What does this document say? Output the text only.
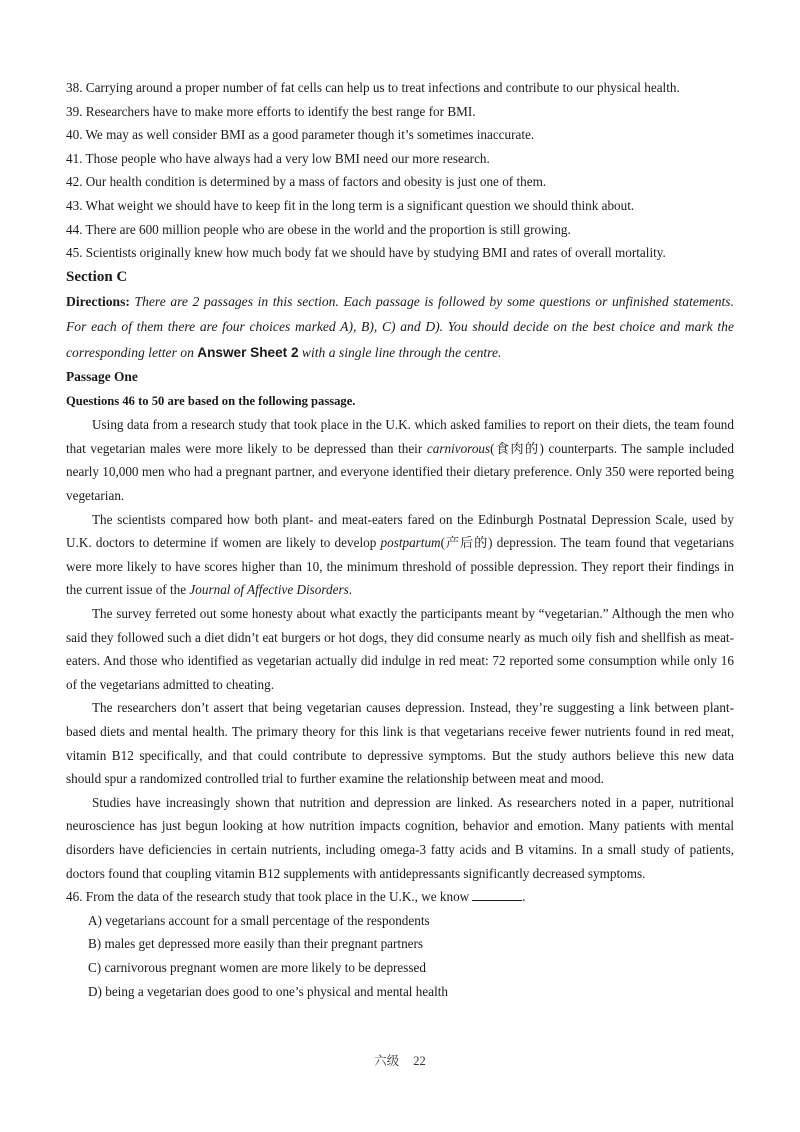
38. Carrying around a proper number of fat cells can help us to treat infections and contribute to our physical health.
39. Researchers have to make more efforts to identify the best range for BMI.
40. We may as well consider BMI as a good parameter though it’s sometimes inaccurate.
41. Those people who have always had a very low BMI need our more research.
42. Our health condition is determined by a mass of factors and obesity is just one of them.
43. What weight we should have to keep fit in the long term is a significant question we should think about.
44. There are 600 million people who are obese in the world and the proportion is still growing.
45. Scientists originally knew how much body fat we should have by studying BMI and rates of overall mortality.
Section C
Directions: There are 2 passages in this section. Each passage is followed by some questions or unfinished statements. For each of them there are four choices marked A), B), C) and D). You should decide on the best choice and mark the corresponding letter on Answer Sheet 2 with a single line through the centre.
Passage One
Questions 46 to 50 are based on the following passage.

Using data from a research study that took place in the U.K. which asked families to report on their diets, the team found that vegetarian males were more likely to be depressed than their carnivorous(食肉的) counterparts. The sample included nearly 10,000 men who had a pregnant partner, and everyone identified their dietary preference. Only 350 were reported being vegetarian.

The scientists compared how both plant- and meat-eaters fared on the Edinburgh Postnatal Depression Scale, used by U.K. doctors to determine if women are likely to develop postpartum(产后的) depression. The team found that vegetarians were more likely to have scores higher than 10, the minimum threshold of possible depression. They report their findings in the current issue of the Journal of Affective Disorders.

The survey ferreted out some honesty about what exactly the participants meant by “vegetarian.” Although the men who said they followed such a diet didn’t eat burgers or hot dogs, they did consume nearly as much oily fish and shellfish as meat-eaters. And those who identified as vegetarian actually did indulge in red meat: 72 reported some consumption while only 16 of the vegetarians admitted to cheating.

The researchers don’t assert that being vegetarian causes depression. Instead, they’re suggesting a link between plant-based diets and mental health. The primary theory for this link is that vegetarians receive fewer nutrients found in red meat, vitamin B12 specifically, and that could contribute to depressive symptoms. But the study authors believe this new data should spur a randomized controlled trial to further examine the relationship between meat and mood.

Studies have increasingly shown that nutrition and depression are linked. As researchers noted in a paper, nutritional neuroscience has just begun looking at how nutrition impacts cognition, behavior and emotion. Many patients with mental disorders have deficiencies in certain nutrients, including omega-3 fatty acids and B vitamins. In a small study of patients, doctors found that coupling vitamin B12 supplements with antidepressants significantly decreased symptoms.

46. From the data of the research study that took place in the U.K., we know	.
A) vegetarians account for a small percentage of the respondents
B) males get depressed more easily than their pregnant partners
C) carnivorous pregnant women are more likely to be depressed
D) being a vegetarian does good to one’s physical and mental health
六级 22
